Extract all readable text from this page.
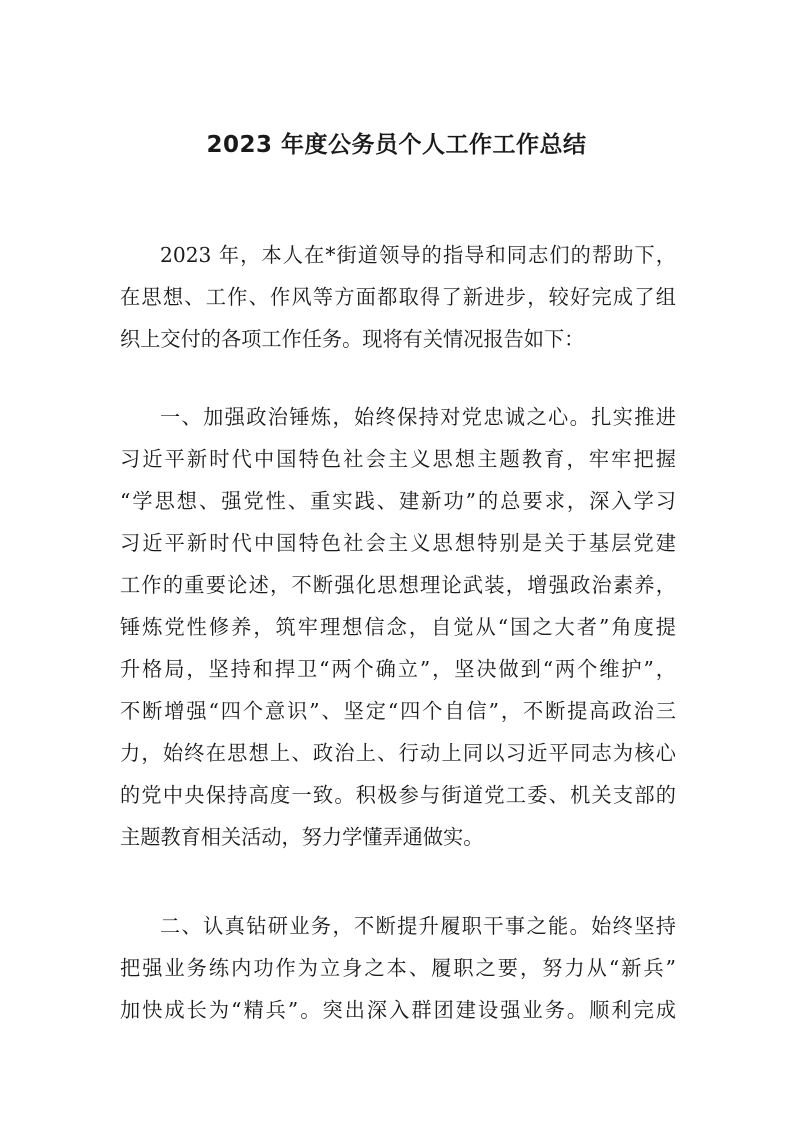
2023 年度公务员个人工作工作总结

2023 年，本人在*街道领导的指导和同志们的帮助下，
在思想、工作、作风等方面都取得了新进步，较好完成了组
织上交付的各项工作任务。现将有关情况报告如下：

一、加强政治锤炼，始终保持对党忠诚之心。扎实推进
习近平新时代中国特色社会主义思想主题教育，牢牢把握
“学思想、强党性、重实践、建新功”的总要求，深入学习
习近平新时代中国特色社会主义思想特别是关于基层党建
工作的重要论述，不断强化思想理论武装，增强政治素养，
锤炼党性修养，筑牢理想信念，自觉从“国之大者”角度提
升格局，坚持和捍卫“两个确立”，坚决做到“两个维护”，
不断增强“四个意识”、坚定“四个自信”，不断提高政治三
力，始终在思想上、政治上、行动上同以习近平同志为核心
的党中央保持高度一致。积极参与街道党工委、机关支部的
主题教育相关活动，努力学懂弄通做实。

二、认真钻研业务，不断提升履职干事之能。始终坚持
把强业务练内功作为立身之本、履职之要，努力从“新兵”
加快成长为“精兵”。突出深入群团建设强业务。顺利完成
